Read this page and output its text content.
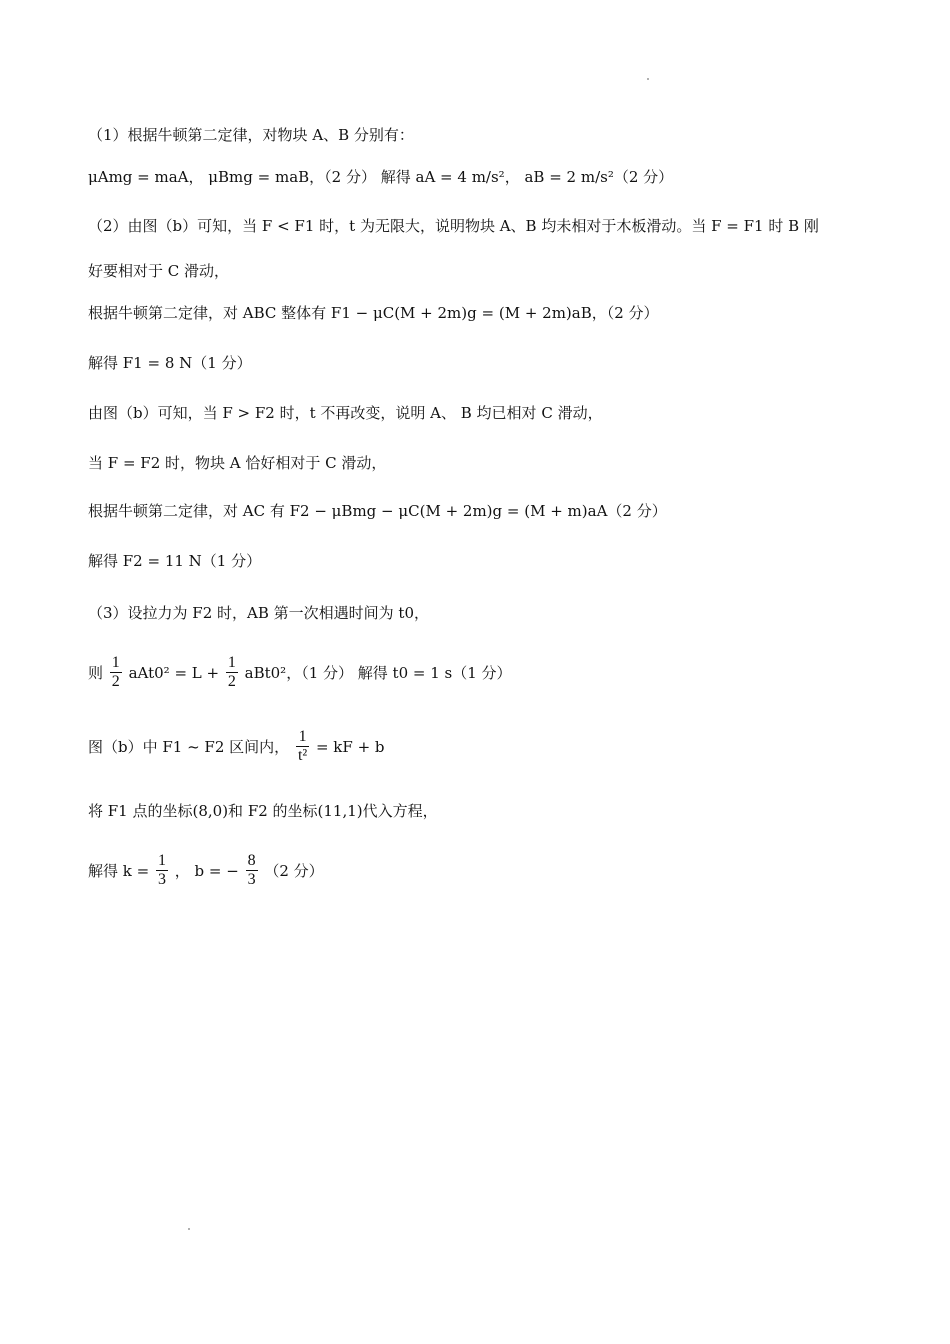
（1）根据牛顿第二定律，对物块 A、B 分别有：
μAmg = maA， μBmg = maB，（2 分） 解得 aA = 4 m/s²， aB = 2 m/s²（2 分）
（2）由图（b）可知，当 F < F1 时，t 为无限大，说明物块 A、B 均未相对于木板滑动。当 F = F1 时 B 刚
好要相对于 C 滑动，
根据牛顿第二定律，对 ABC 整体有 F1 − μC(M + 2m)g = (M + 2m)aB，（2 分）
解得 F1 = 8 N（1 分）
由图（b）可知，当 F > F2 时，t 不再改变，说明 A、 B 均已相对 C 滑动，
当 F = F2 时，物块 A 恰好相对于 C 滑动，
根据牛顿第二定律，对 AC 有 F2 − μBmg − μC(M + 2m)g = (M + m)aA（2 分）
解得 F2 = 11 N（1 分）
（3）设拉力为 F2 时，AB 第一次相遇时间为 t0，
则 $\frac{1}{2} aAt0^2 = L + \frac{1}{2} aBt0^2$，（1 分） 解得 t0 = 1 s（1 分）
图（b）中 F1 ~ F2 区间内， $\frac{1}{\text{t²}}$ = kF + b
将 F1 点的坐标(8,0)和 F2 的坐标(11,1)代入方程，
解得 $k = \frac{1}{3}$ ， b = − $\frac{8}{3} (2$ 分）
